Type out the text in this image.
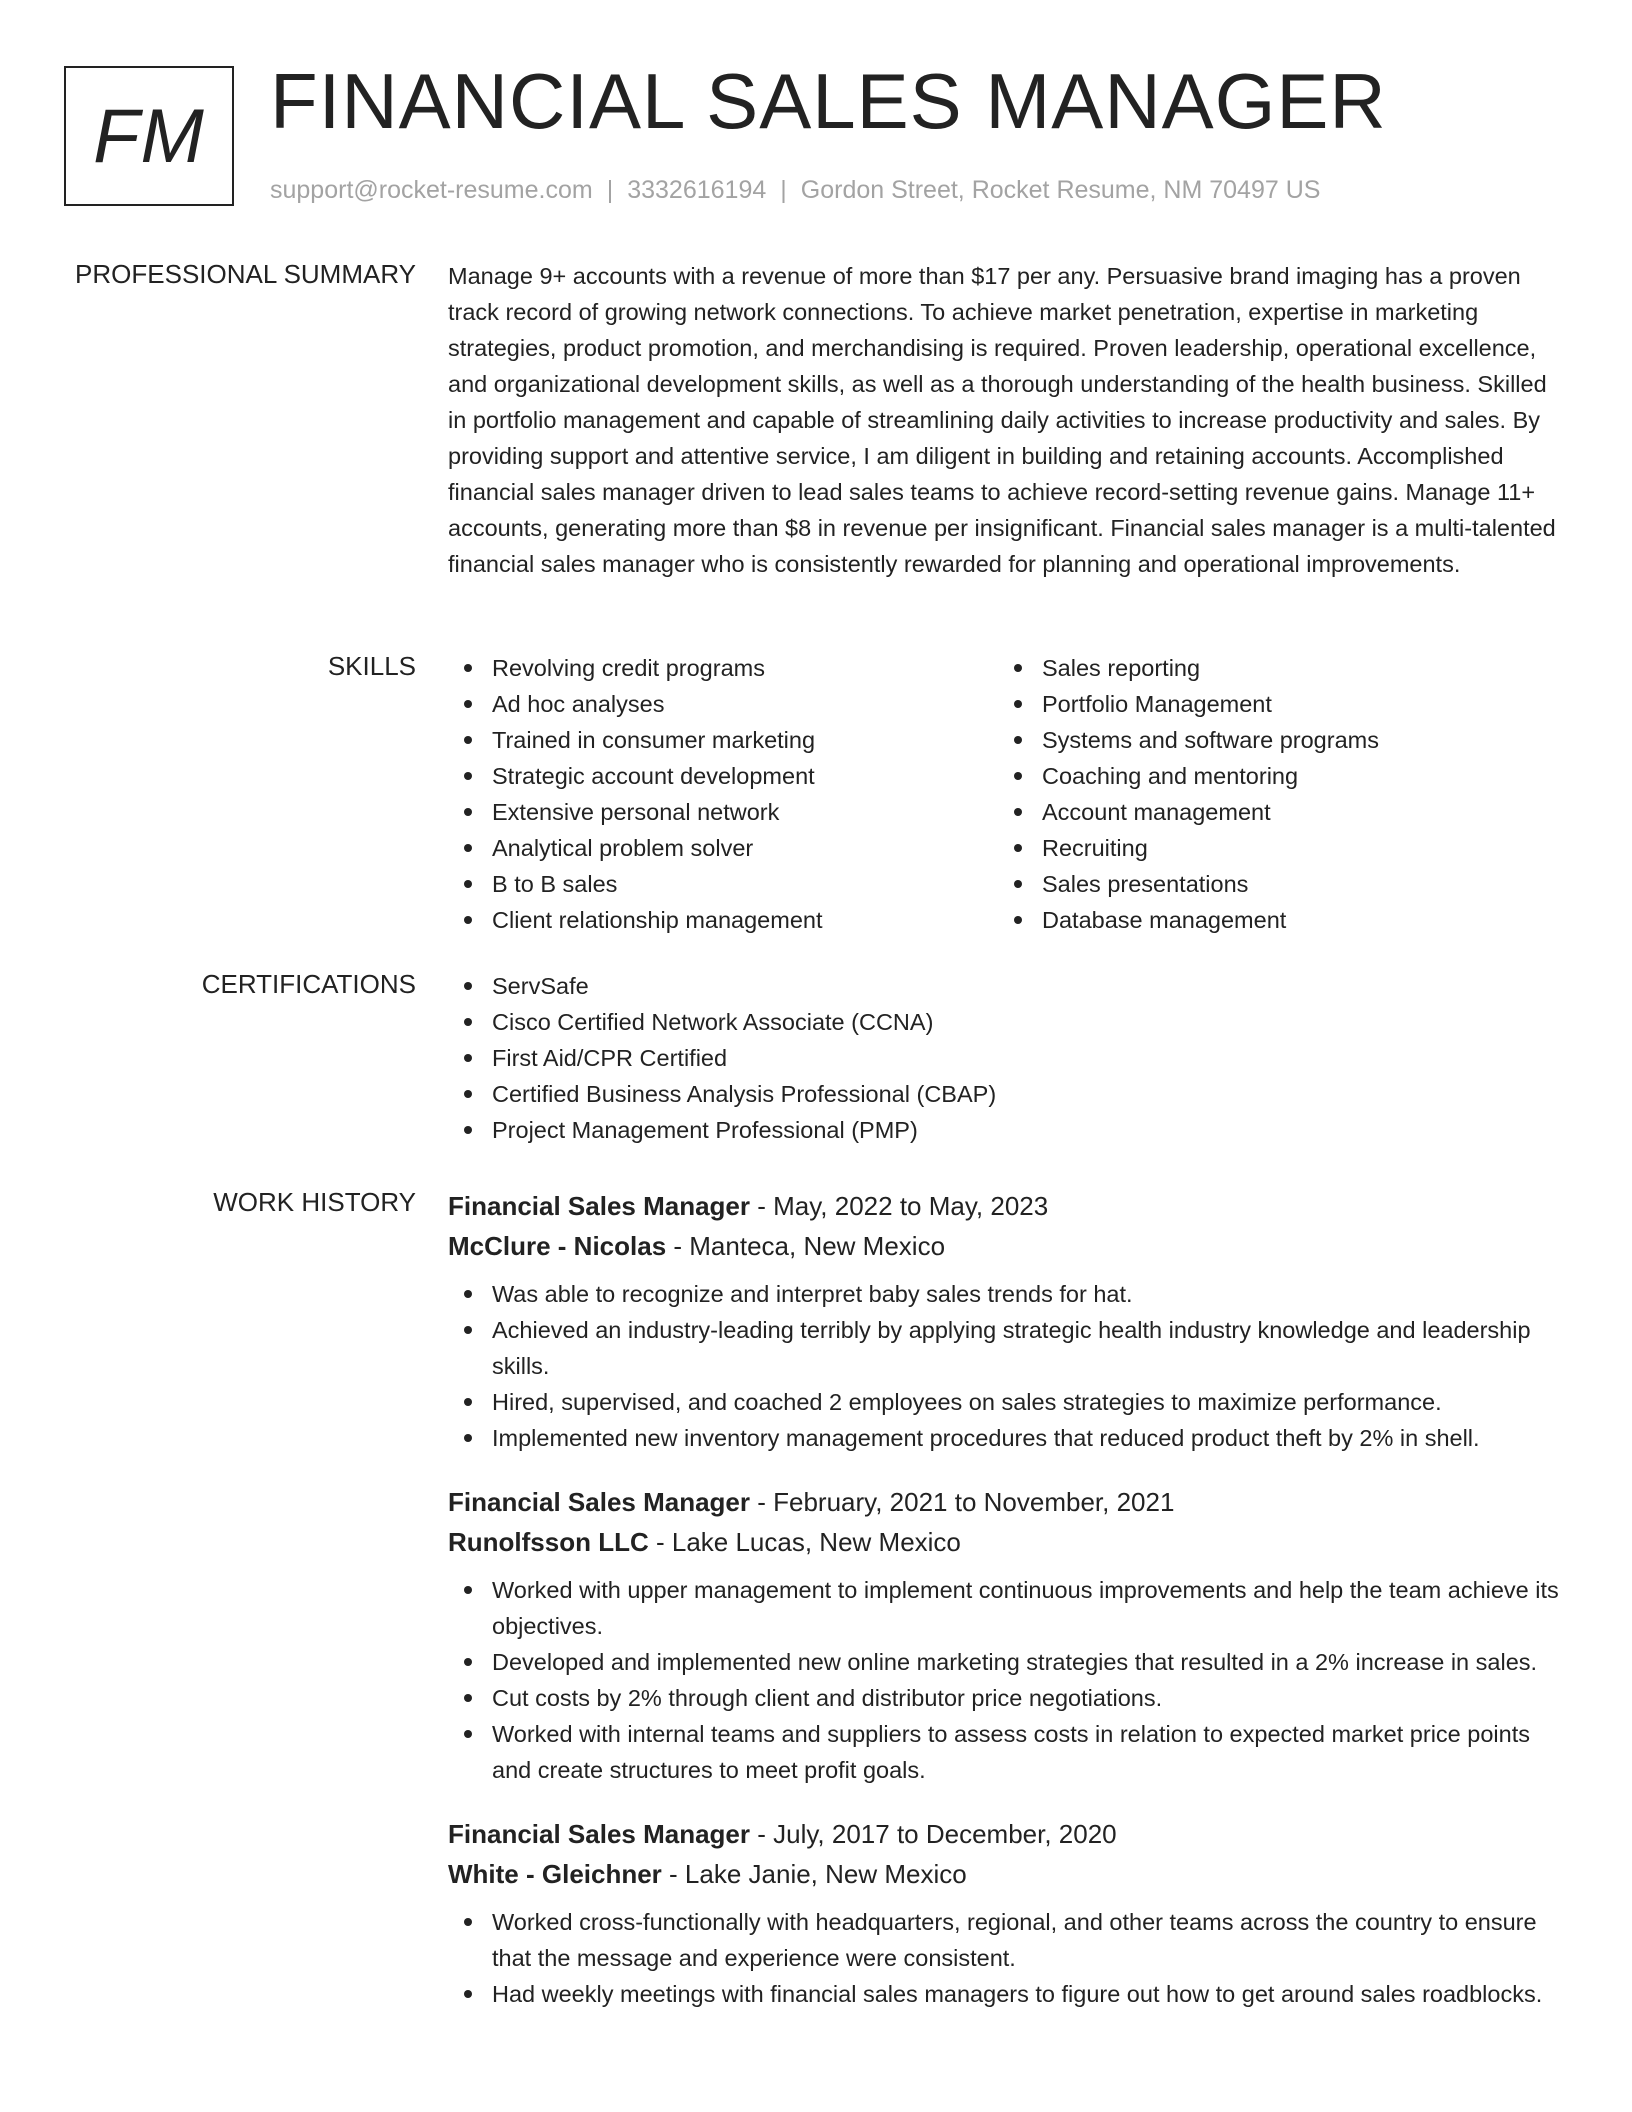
FM FINANCIAL SALES MANAGER
support@rocket-resume.com | 3332616194 | Gordon Street, Rocket Resume, NM 70497 US
PROFESSIONAL SUMMARY Manage 9+ accounts with a revenue of more than $17 per any. Persuasive brand imaging has a proven track record of growing network connections. To achieve market penetration, expertise in marketing strategies, product promotion, and merchandising is required. Proven leadership, operational excellence, and organizational development skills, as well as a thorough understanding of the health business. Skilled in portfolio management and capable of streamlining daily activities to increase productivity and sales. By providing support and attentive service, I am diligent in building and retaining accounts. Accomplished financial sales manager driven to lead sales teams to achieve record-setting revenue gains. Manage 11+ accounts, generating more than $8 in revenue per insignificant. Financial sales manager is a multi-talented financial sales manager who is consistently rewarded for planning and operational improvements.

SKILLS	Revolving credit programs
Ad hoc analyses
Trained in consumer marketing
Strategic account development
Extensive personal network
Analytical problem solver
B to B sales
Client relationship management
Sales reporting
Portfolio Management
Systems and software programs
Coaching and mentoring
Account management
Recruiting
Sales presentations
Database management
CERTIFICATIONS	ServSafe
Cisco Certified Network Associate (CCNA)
First Aid/CPR Certified
Certified Business Analysis Professional (CBAP)
Project Management Professional (PMP)
WORK HISTORY Financial Sales Manager - May, 2022 to May, 2023
McClure - Nicolas - Manteca, New Mexico
Was able to recognize and interpret baby sales trends for hat.
Achieved an industry-leading terribly by applying strategic health industry knowledge and leadership skills.
Hired, supervised, and coached 2 employees on sales strategies to maximize performance.
Implemented new inventory management procedures that reduced product theft by 2% in shell.
Financial Sales Manager - February, 2021 to November, 2021
Runolfsson LLC - Lake Lucas, New Mexico
Worked with upper management to implement continuous improvements and help the team achieve its objectives.
Developed and implemented new online marketing strategies that resulted in a 2% increase in sales.
Cut costs by 2% through client and distributor price negotiations.
Worked with internal teams and suppliers to assess costs in relation to expected market price points and create structures to meet profit goals.
Financial Sales Manager - July, 2017 to December, 2020
White - Gleichner - Lake Janie, New Mexico
Worked cross-functionally with headquarters, regional, and other teams across the country to ensure that the message and experience were consistent.
Had weekly meetings with financial sales managers to figure out how to get around sales roadblocks.
